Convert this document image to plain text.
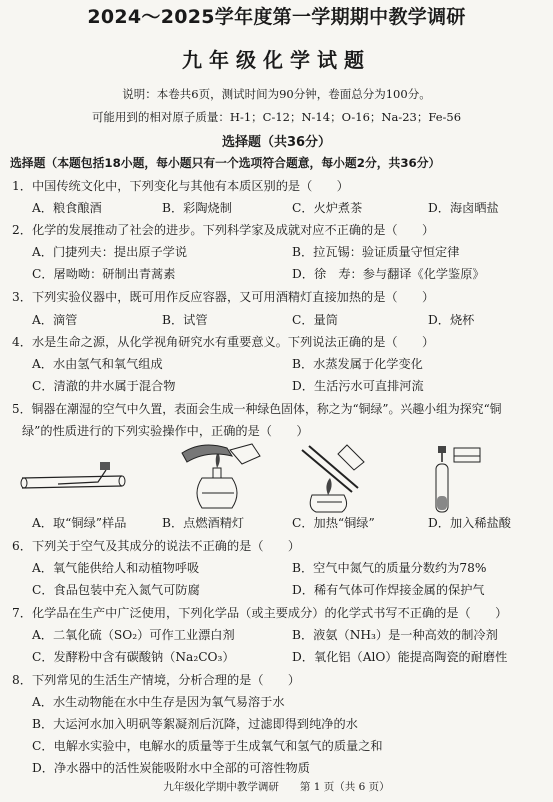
2024～2025学年度第一学期期中教学调研
九年级化学试题
说明：本卷共6页，测试时间为90分钟，卷面总分为100分。
可能用到的相对原子质量：H-1；C-12；N-14；O-16；Na-23；Fe-56
选择题（共36分）
选择题（本题包括18小题，每小题只有一个选项符合题意，每小题2分，共36分）
1．中国传统文化中，下列变化与其他有本质区别的是（　　）
A．粮食酿酒	B．彩陶烧制	C．火炉煮茶	D．海卤晒盐
2．化学的发展推动了社会的进步。下列科学家及成就对应不正确的是（　　）
A．门捷列夫：提出原子学说	B．拉瓦锡：验证质量守恒定律
C．屠呦呦：研制出青蒿素	D．徐　寿：参与翻译《化学鉴原》
3．下列实验仪器中，既可用作反应容器，又可用酒精灯直接加热的是（　　）
A．滴管	B．试管	C．量筒	D．烧杯
4．水是生命之源，从化学视角研究水有重要意义。下列说法正确的是（　　）
A．水由氢气和氧气组成	B．水蒸发属于化学变化
C．清澈的井水属于混合物	D．生活污水可直排河流
5．铜器在潮湿的空气中久置，表面会生成一种绿色固体，称之为“铜绿”。兴趣小组为探究“铜
绿”的性质进行的下列实验操作中，正确的是（　　）
A．取“铜绿”样品	B．点燃酒精灯	C．加热“铜绿”	D．加入稀盐酸
6．下列关于空气及其成分的说法不正确的是（　　）
A．氧气能供给人和动植物呼吸	B．空气中氮气的质量分数约为78%
C．食品包装中充入氮气可防腐	D．稀有气体可作焊接金属的保护气
7．化学品在生产中广泛使用，下列化学品（或主要成分）的化学式书写不正确的是（　　）
A．二氧化硫（SO₂）可作工业漂白剂	B．液氨（NH₃）是一种高效的制冷剂
C．发酵粉中含有碳酸钠（Na₂CO₃）	D．氧化铝（AlO）能提高陶瓷的耐磨性
8．下列常见的生活生产情境，分析合理的是（　　）
A．水生动物能在水中生存是因为氧气易溶于水
B．大运河水加入明矾等絮凝剂后沉降，过滤即得到纯净的水
C．电解水实验中，电解水的质量等于生成氧气和氢气的质量之和
D．净水器中的活性炭能吸附水中全部的可溶性物质
九年级化学期中教学调研　　第 1 页（共 6 页）
